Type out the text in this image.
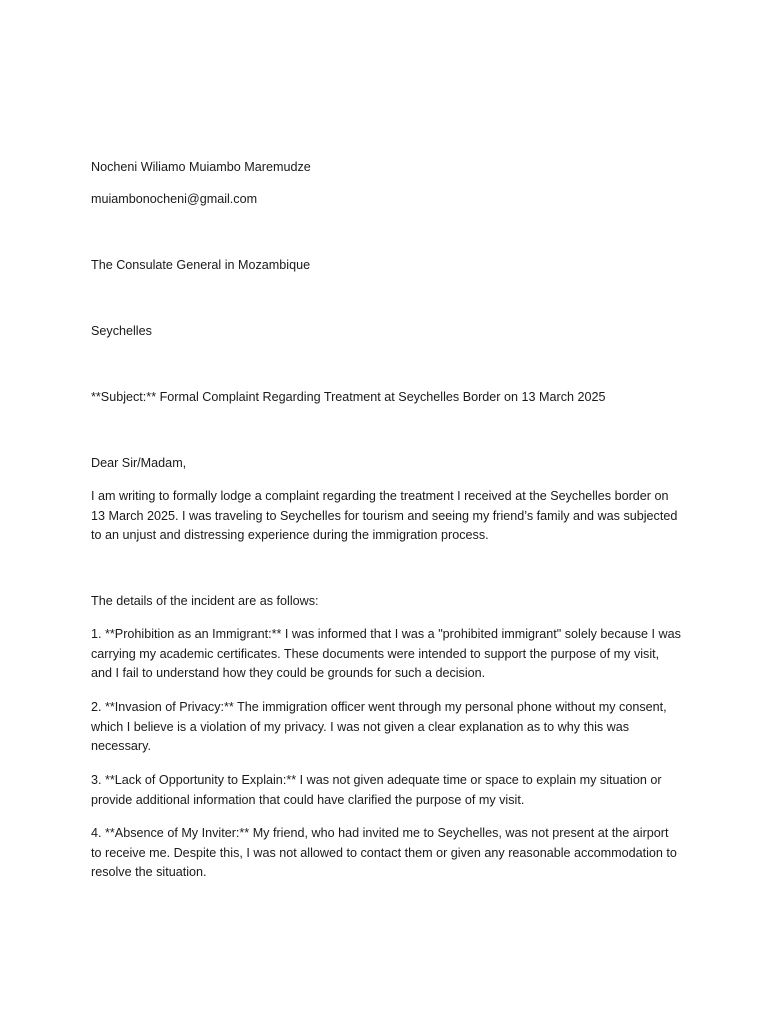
Nocheni Wiliamo Muiambo Maremudze

muiambonocheni@gmail.com

The Consulate General in Mozambique

Seychelles

**Subject:** Formal Complaint Regarding Treatment at Seychelles Border on 13 March 2025

Dear Sir/Madam,

I am writing to formally lodge a complaint regarding the treatment I received at the Seychelles border on 13 March 2025. I was traveling to Seychelles for tourism and seeing my friend’s family and was subjected to an unjust and distressing experience during the immigration process.

The details of the incident are as follows:

1. **Prohibition as an Immigrant:** I was informed that I was a "prohibited immigrant" solely because I was carrying my academic certificates. These documents were intended to support the purpose of my visit, and I fail to understand how they could be grounds for such a decision.

2. **Invasion of Privacy:** The immigration officer went through my personal phone without my consent, which I believe is a violation of my privacy. I was not given a clear explanation as to why this was necessary.

3. **Lack of Opportunity to Explain:** I was not given adequate time or space to explain my situation or provide additional information that could have clarified the purpose of my visit.

4. **Absence of My Inviter:** My friend, who had invited me to Seychelles, was not present at the airport to receive me. Despite this, I was not allowed to contact them or given any reasonable accommodation to resolve the situation.
